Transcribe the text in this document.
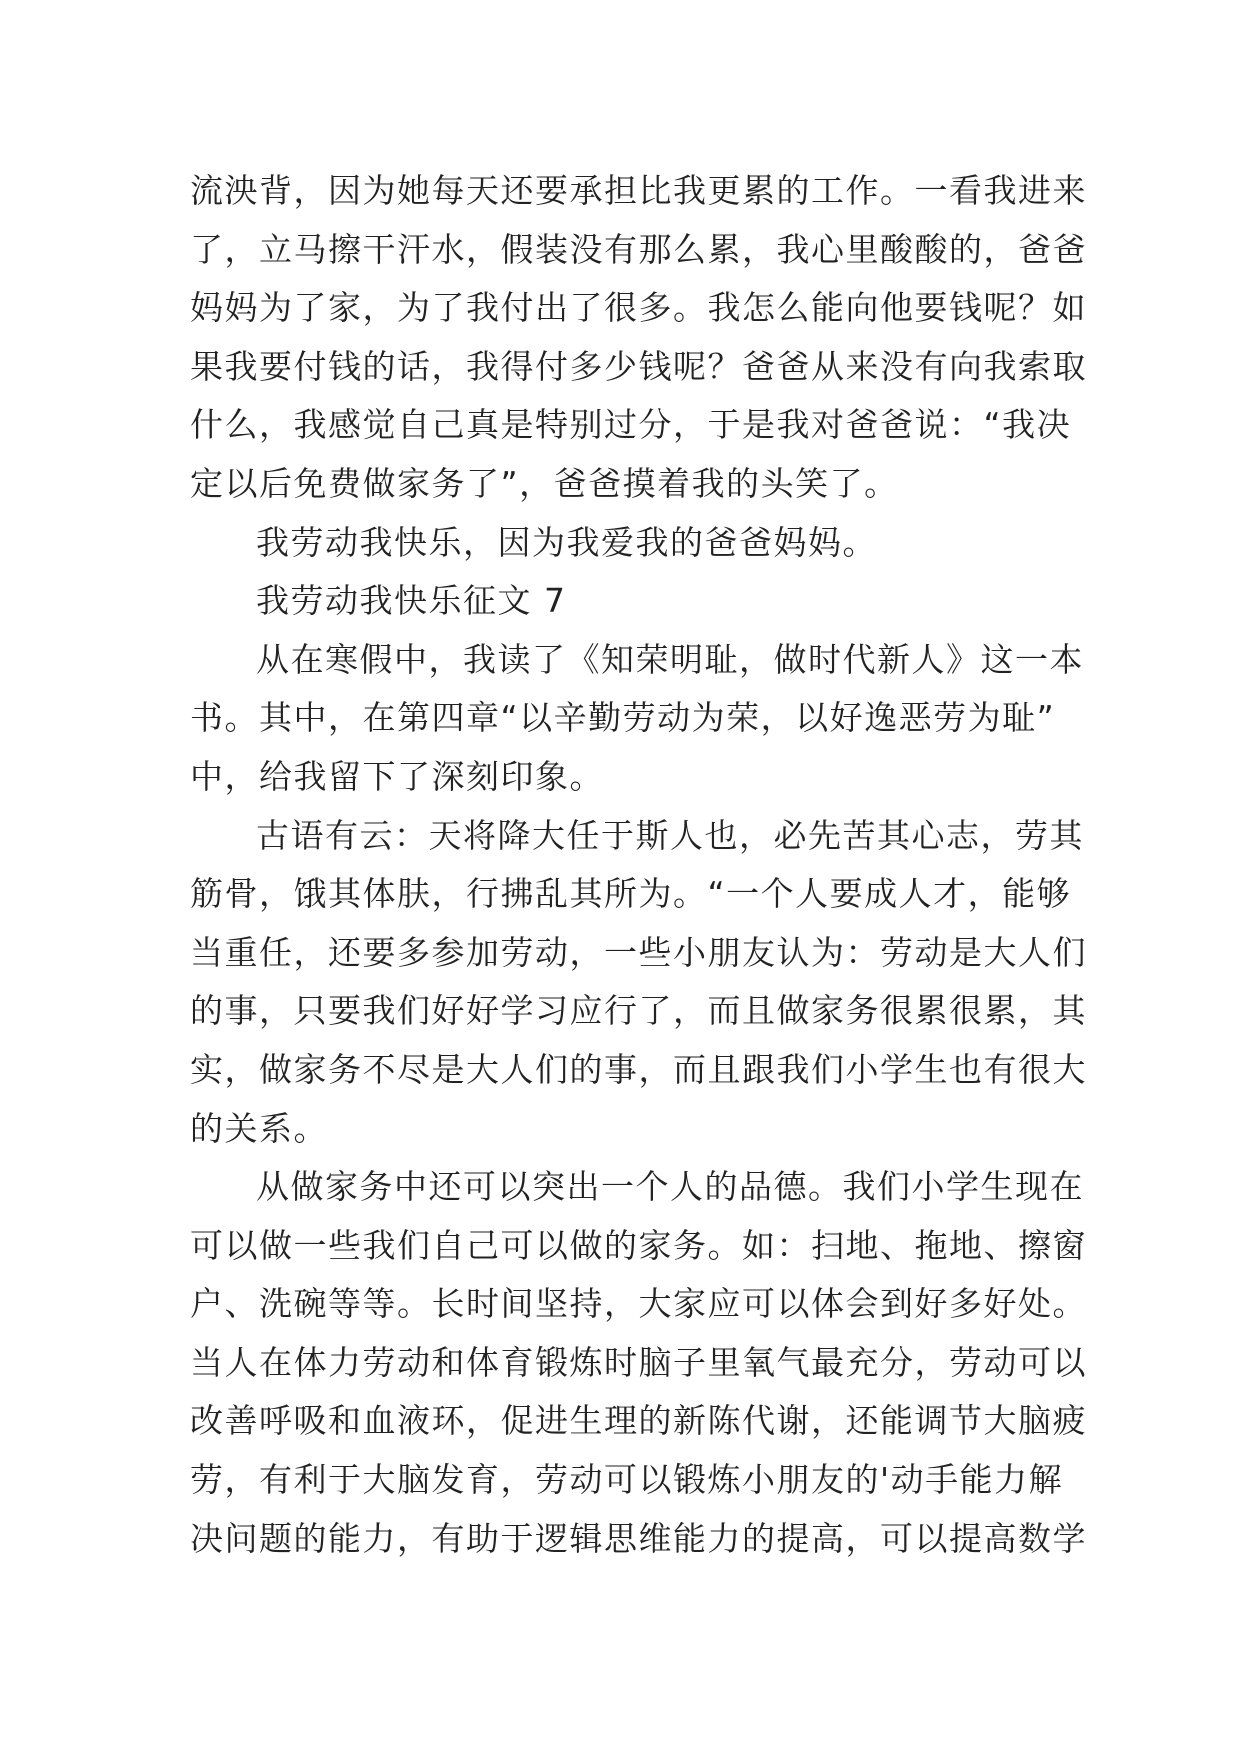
流泱背，因为她每天还要承担比我更累的工作。一看我进来
了，立马擦干汗水，假装没有那么累，我心里酸酸的，爸爸
妈妈为了家，为了我付出了很多。我怎么能向他要钱呢？如
果我要付钱的话，我得付多少钱呢？爸爸从来没有向我索取
什么，我感觉自己真是特别过分，于是我对爸爸说：“我决
定以后免费做家务了”，爸爸摸着我的头笑了。
我劳动我快乐，因为我爱我的爸爸妈妈。
我劳动我快乐征文 7
从在寒假中，我读了《知荣明耻，做时代新人》这一本
书。其中，在第四章“以辛勤劳动为荣，以好逸恶劳为耻”
中，给我留下了深刻印象。
古语有云：天将降大任于斯人也，必先苦其心志，劳其
筋骨，饿其体肤，行拂乱其所为。“一个人要成人才，能够
当重任，还要多参加劳动，一些小朋友认为：劳动是大人们
的事，只要我们好好学习应行了，而且做家务很累很累，其
实，做家务不尽是大人们的事，而且跟我们小学生也有很大
的关系。
从做家务中还可以突出一个人的品德。我们小学生现在
可以做一些我们自己可以做的家务。如：扫地、拖地、擦窗
户、洗碗等等。长时间坚持，大家应可以体会到好多好处。
当人在体力劳动和体育锻炼时脑子里氧气最充分，劳动可以
改善呼吸和血液环，促进生理的新陈代谢，还能调节大脑疲
劳，有利于大脑发育，劳动可以锻炼小朋友的'动手能力解
决问题的能力，有助于逻辑思维能力的提高，可以提高数学
